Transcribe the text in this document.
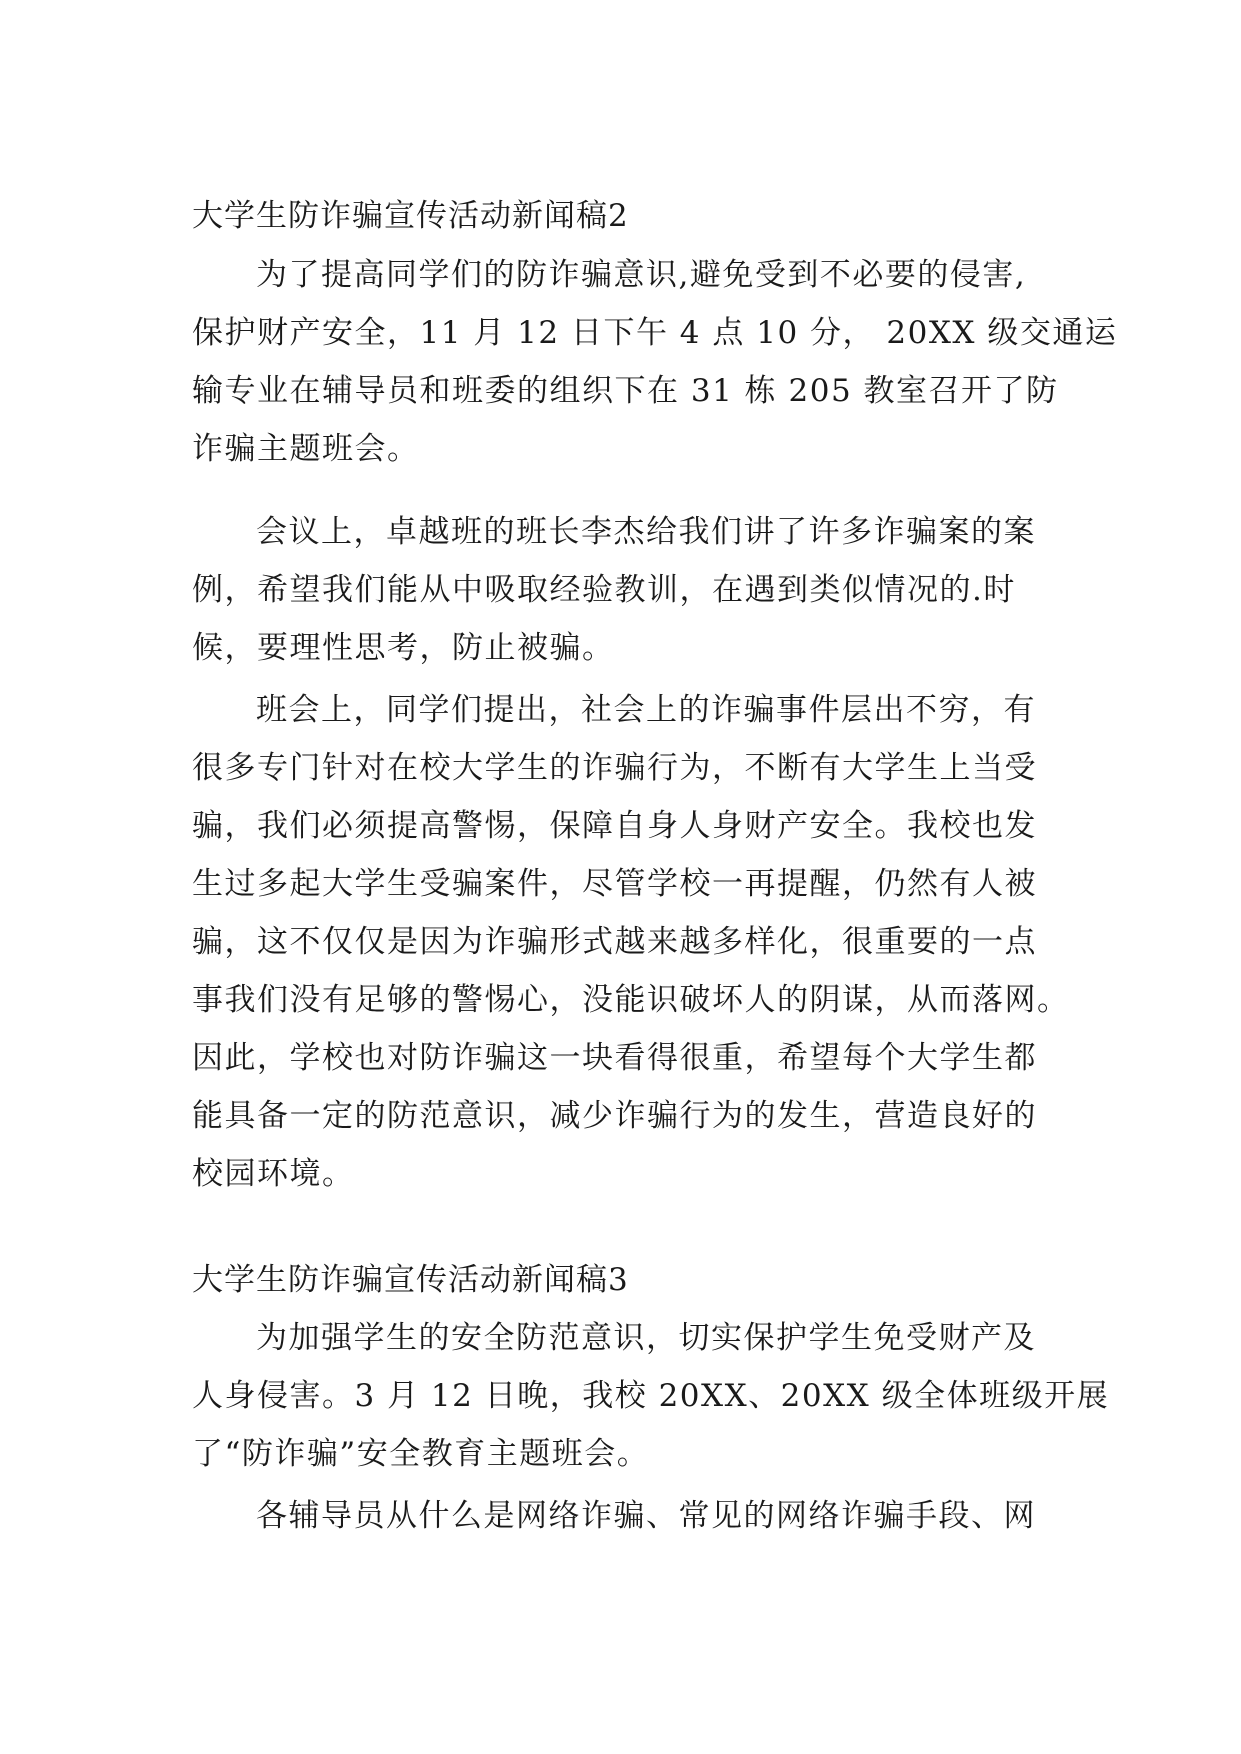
大学生防诈骗宣传活动新闻稿2
为了提高同学们的防诈骗意识,避免受到不必要的侵害,
保护财产安全，11 月 12 日下午 4 点 10 分， 20XX 级交通运
输专业在辅导员和班委的组织下在 31 栋 205 教室召开了防
诈骗主题班会。
会议上，卓越班的班长李杰给我们讲了许多诈骗案的案
例，希望我们能从中吸取经验教训，在遇到类似情况的.时
候，要理性思考，防止被骗。
班会上，同学们提出，社会上的诈骗事件层出不穷，有
很多专门针对在校大学生的诈骗行为，不断有大学生上当受
骗，我们必须提高警惕，保障自身人身财产安全。我校也发
生过多起大学生受骗案件，尽管学校一再提醒，仍然有人被
骗，这不仅仅是因为诈骗形式越来越多样化，很重要的一点
事我们没有足够的警惕心，没能识破坏人的阴谋，从而落网。
因此，学校也对防诈骗这一块看得很重，希望每个大学生都
能具备一定的防范意识，减少诈骗行为的发生，营造良好的
校园环境。
大学生防诈骗宣传活动新闻稿3
为加强学生的安全防范意识，切实保护学生免受财产及
人身侵害。3 月 12 日晚，我校 20XX、20XX 级全体班级开展
了“防诈骗”安全教育主题班会。
各辅导员从什么是网络诈骗、常见的网络诈骗手段、网
